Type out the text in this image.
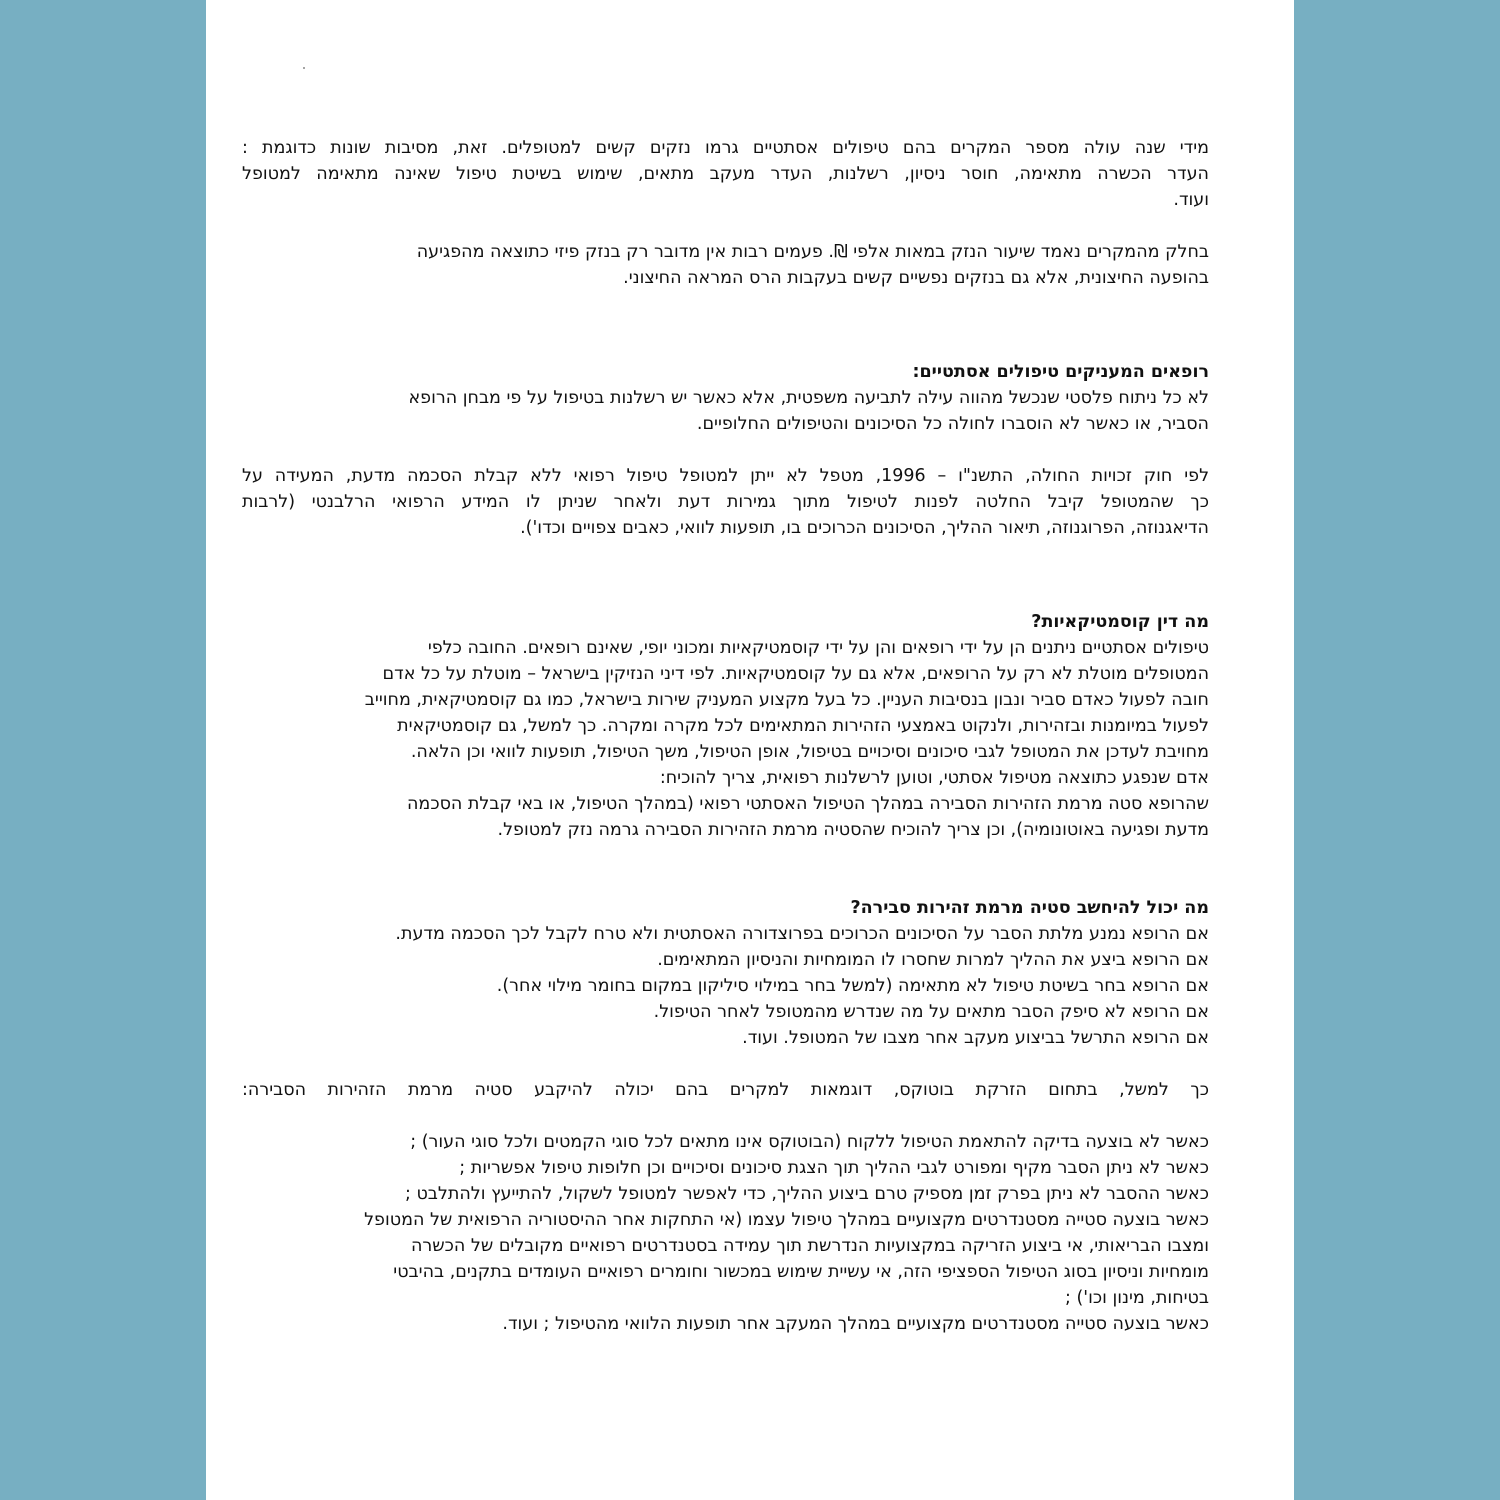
מידי שנה עולה מספר המקרים בהם טיפולים אסתטיים גרמו נזקים קשים למטופלים. זאת, מסיבות שונות כדוגמת :
העדר הכשרה מתאימה, חוסר ניסיון, רשלנות, העדר מעקב מתאים, שימוש בשיטת טיפול שאינה מתאימה למטופל
ועוד.
בחלק מהמקרים נאמד שיעור הנזק במאות אלפי ₪. פעמים רבות אין מדובר רק בנזק פיזי כתוצאה מהפגיעה
בהופעה החיצונית, אלא גם בנזקים נפשיים קשים בעקבות הרס המראה החיצוני.
רופאים המעניקים טיפולים אסתטיים:
לא כל ניתוח פלסטי שנכשל מהווה עילה לתביעה משפטית, אלא כאשר יש רשלנות בטיפול על פי מבחן הרופא
הסביר, או כאשר לא הוסברו לחולה כל הסיכונים והטיפולים החלופיים.
לפי חוק זכויות החולה, התשנ"ו – 1996, מטפל לא ייתן למטופל טיפול רפואי ללא קבלת הסכמה מדעת, המעידה על
כך שהמטופל קיבל החלטה לפנות לטיפול מתוך גמירות דעת ולאחר שניתן לו המידע הרפואי הרלבנטי (לרבות
הדיאגנוזה, הפרוגנוזה, תיאור ההליך, הסיכונים הכרוכים בו, תופעות לוואי, כאבים צפויים וכדו').
מה דין קוסמטיקאיות?
טיפולים אסתטיים ניתנים הן על ידי רופאים והן על ידי קוסמטיקאיות ומכוני יופי, שאינם רופאים. החובה כלפי
המטופלים מוטלת לא רק על הרופאים, אלא גם על קוסמטיקאיות. לפי דיני הנזיקין בישראל – מוטלת על כל אדם
חובה לפעול כאדם סביר ונבון בנסיבות העניין. כל בעל מקצוע המעניק שירות בישראל, כמו גם קוסמטיקאית, מחוייב
לפעול במיומנות ובזהירות, ולנקוט באמצעי הזהירות המתאימים לכל מקרה ומקרה. כך למשל, גם קוסמטיקאית
מחויבת לעדכן את המטופל לגבי סיכונים וסיכויים בטיפול, אופן הטיפול, משך הטיפול, תופעות לוואי וכן הלאה.
אדם שנפגע כתוצאה מטיפול אסתטי, וטוען לרשלנות רפואית, צריך להוכיח:
שהרופא סטה מרמת הזהירות הסבירה במהלך הטיפול האסתטי רפואי (במהלך הטיפול, או באי קבלת הסכמה
מדעת ופגיעה באוטונומיה), וכן צריך להוכיח שהסטיה מרמת הזהירות הסבירה גרמה נזק למטופל.
מה יכול להיחשב סטיה מרמת זהירות סבירה?
אם הרופא נמנע מלתת הסבר על הסיכונים הכרוכים בפרוצדורה האסתטית ולא טרח לקבל לכך הסכמה מדעת.
אם הרופא ביצע את ההליך למרות שחסרו לו המומחיות והניסיון המתאימים.
אם הרופא בחר בשיטת טיפול לא מתאימה (למשל בחר במילוי סיליקון במקום בחומר מילוי אחר).
אם הרופא לא סיפק הסבר מתאים על מה שנדרש מהמטופל לאחר הטיפול.
אם הרופא התרשל בביצוע מעקב אחר מצבו של המטופל. ועוד.
כך למשל, בתחום הזרקת בוטוקס, דוגמאות למקרים בהם יכולה להיקבע סטיה מרמת הזהירות הסבירה:
כאשר לא בוצעה בדיקה להתאמת הטיפול ללקוח (הבוטוקס אינו מתאים לכל סוגי הקמטים ולכל סוגי העור) ;
כאשר לא ניתן הסבר מקיף ומפורט לגבי ההליך תוך הצגת סיכונים וסיכויים וכן חלופות טיפול אפשריות ;
כאשר ההסבר לא ניתן בפרק זמן מספיק טרם ביצוע ההליך, כדי לאפשר למטופל לשקול, להתייעץ ולהתלבט ;
כאשר בוצעה סטייה מסטנדרטים מקצועיים במהלך טיפול עצמו (אי התחקות אחר ההיסטוריה הרפואית של המטופל
ומצבו הבריאותי, אי ביצוע הזריקה במקצועיות הנדרשת תוך עמידה בסטנדרטים רפואיים מקובלים של הכשרה
מומחיות וניסיון בסוג הטיפול הספציפי הזה, אי עשיית שימוש במכשור וחומרים רפואיים העומדים בתקנים, בהיבטי
בטיחות, מינון וכו') ;
כאשר בוצעה סטייה מסטנדרטים מקצועיים במהלך המעקב אחר תופעות הלוואי מהטיפול ; ועוד.
